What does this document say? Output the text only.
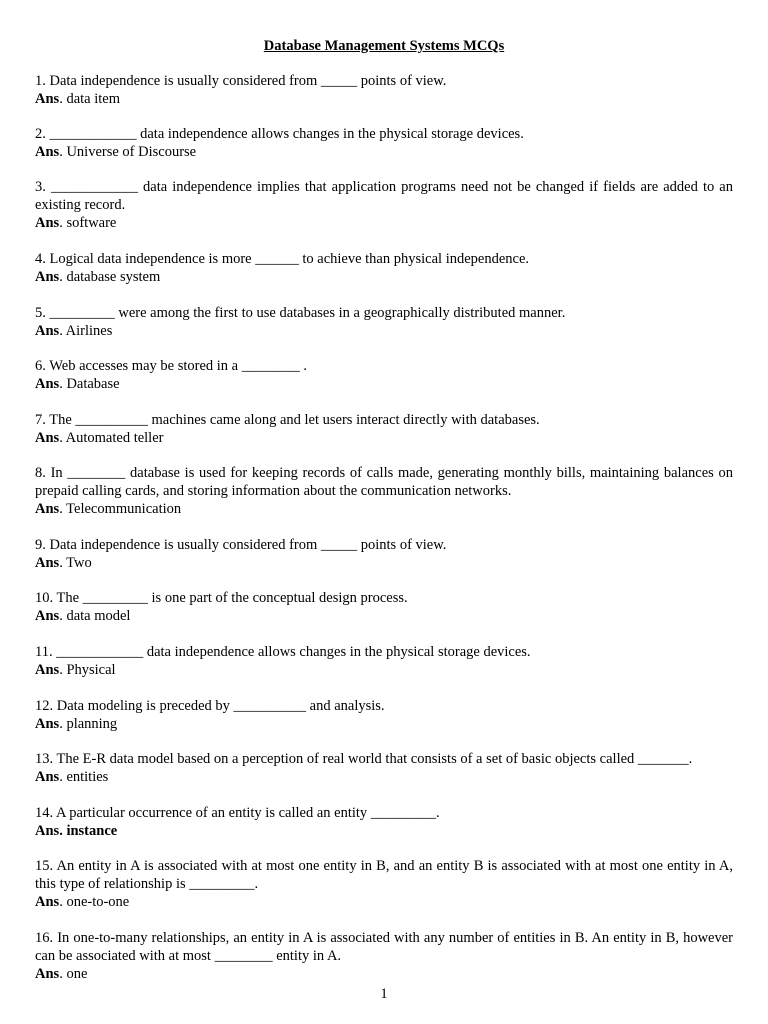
Database Management Systems MCQs

1. Data independence is usually considered from _____ points of view.

Ans. data item

2. ____________ data independence allows changes in the physical storage devices.

Ans. Universe of Discourse

3. ____________ data independence implies that application programs need not be changed if fields are added to an existing record.

Ans. software

4. Logical data independence is more ______ to achieve than physical independence.

Ans. database system

5. _________ were among the first to use databases in a geographically distributed manner.

Ans. Airlines

6. Web accesses may be stored in a ________ .

Ans. Database

7. The __________ machines came along and let users interact directly with databases.

Ans. Automated teller

8. In ________ database is used for keeping records of calls made, generating monthly bills, maintaining balances on prepaid calling cards, and storing information about the communication networks.

Ans. Telecommunication

9. Data independence is usually considered from _____ points of view.

Ans. Two

10. The _________ is one part of the conceptual design process.

Ans. data model

11. ____________ data independence allows changes in the physical storage devices.

Ans. Physical

12. Data modeling is preceded by __________ and analysis.

Ans. planning

13. The E-R data model based on a perception of real world that consists of a set of basic objects called _______.

Ans. entities

14. A particular occurrence of an entity is called an entity _________.

Ans. instance

15. An entity in A is associated with at most one entity in B, and an entity B is associated with at most one entity in A, this type of relationship is _________.

Ans. one-to-one

16. In one-to-many relationships, an entity in A is associated with any number of entities in B. An entity in B, however can be associated with at most ________ entity in A.

Ans. one

1
